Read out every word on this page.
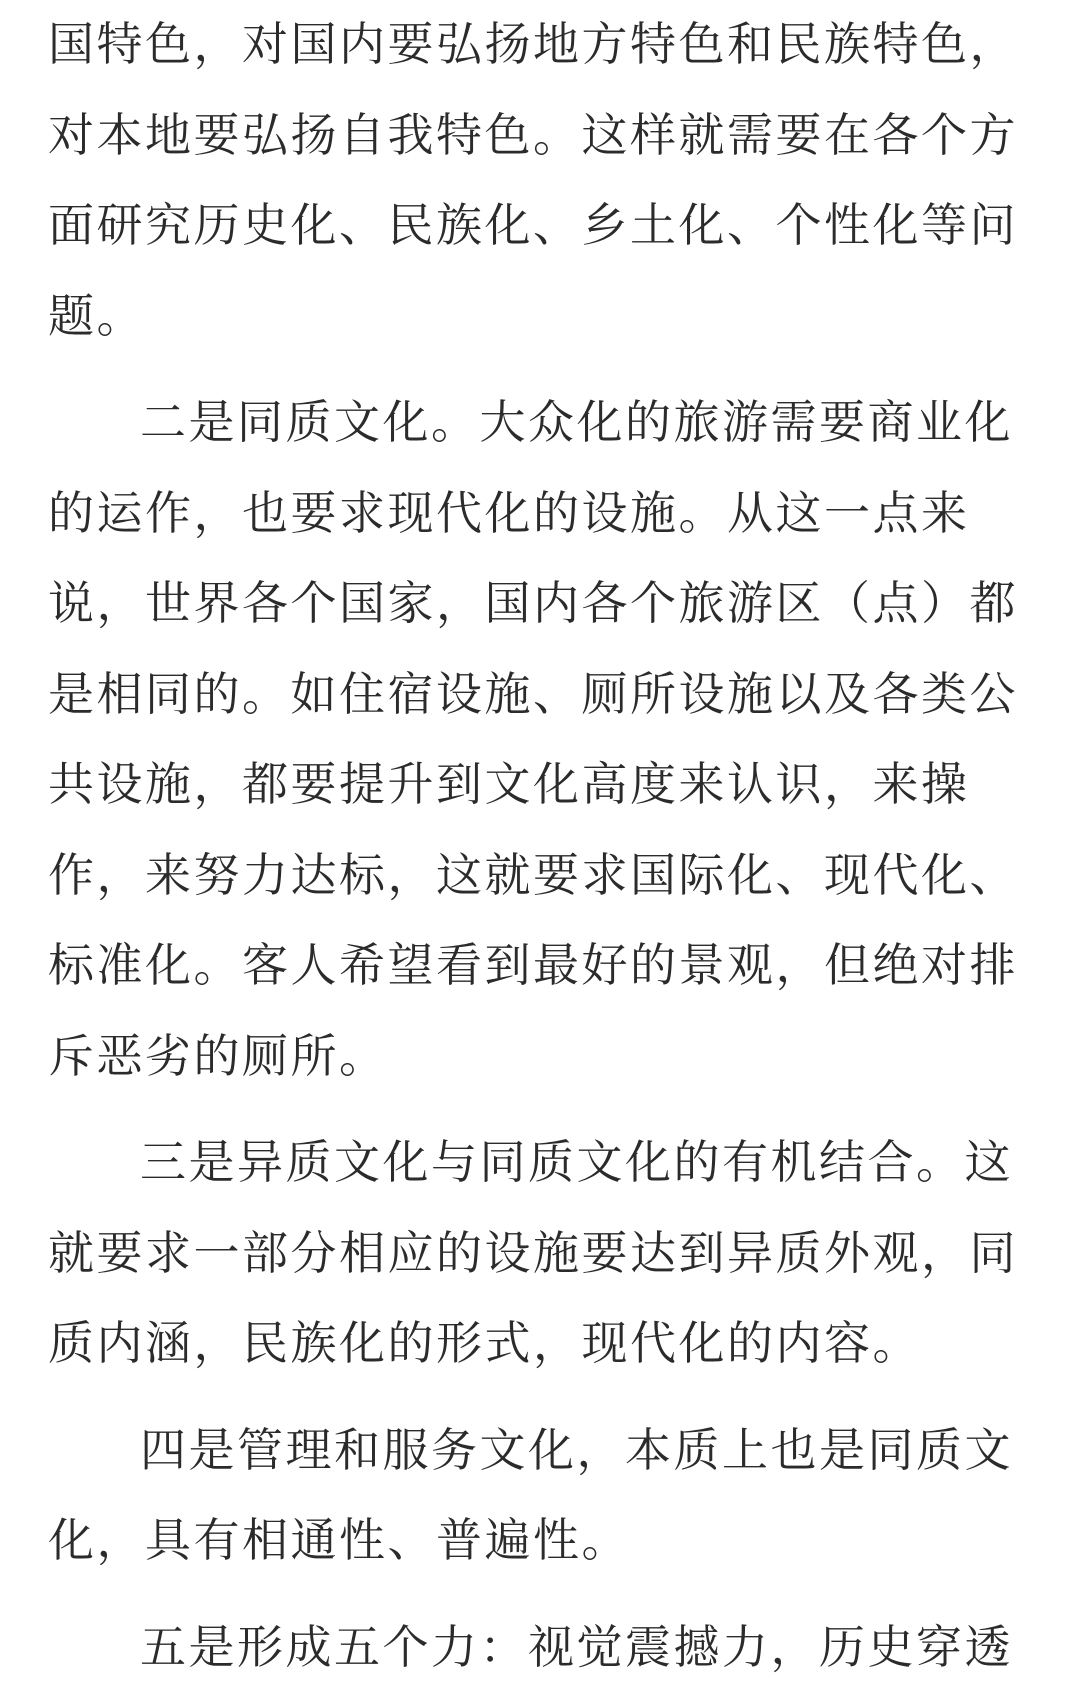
国特色，对国内要弘扬地方特色和民族特色，
对本地要弘扬自我特色。这样就需要在各个方
面研究历史化、民族化、乡土化、个性化等问
题。
二是同质文化。大众化的旅游需要商业化
的运作，也要求现代化的设施。从这一点来
说，世界各个国家，国内各个旅游区（点）都
是相同的。如住宿设施、厕所设施以及各类公
共设施，都要提升到文化高度来认识，来操
作，来努力达标，这就要求国际化、现代化、
标准化。客人希望看到最好的景观，但绝对排
斥恶劣的厕所。
三是异质文化与同质文化的有机结合。这
就要求一部分相应的设施要达到异质外观，同
质内涵，民族化的形式，现代化的内容。
四是管理和服务文化，本质上也是同质文
化，具有相通性、普遍性。
五是形成五个力：视觉震撼力，历史穿透
